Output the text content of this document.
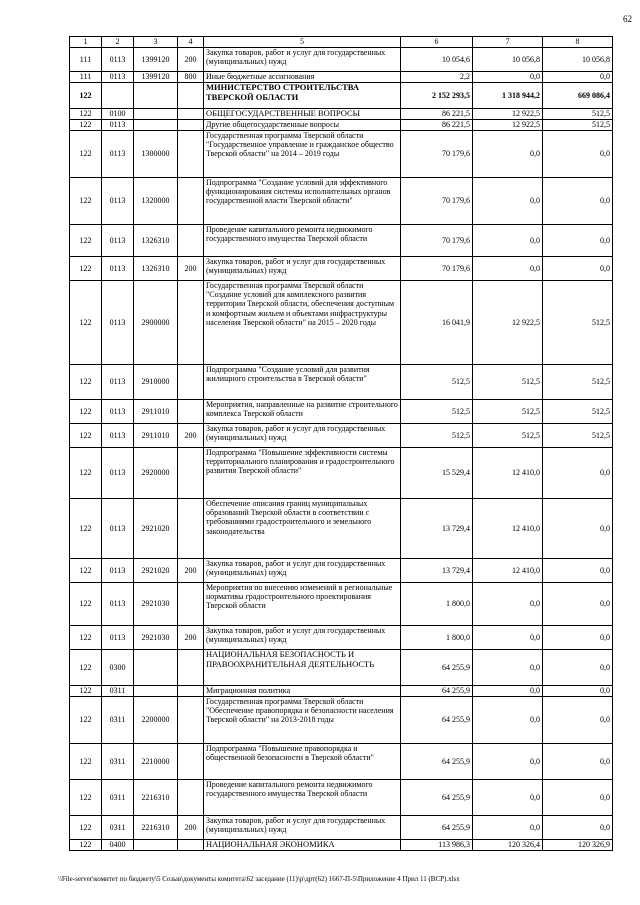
62
1	2	3	4	5	6	7	8
111	0113	1399120	200	Закупка товаров, работ и услуг для государственных (муниципальных) нужд	10 054,6	10 056,8	10 056,8
111	0113	1399120	800	Иные бюджетные ассигнования	2,2	0,0	0,0
122				МИНИСТЕРСТВО СТРОИТЕЛЬСТВА ТВЕРСКОЙ ОБЛАСТИ	2 152 293,5	1 318 944,2	669 086,4
122	0100			ОБЩЕГОСУДАРСТВЕННЫЕ ВОПРОСЫ	86 221,5	12 922,5	512,5
122	0113			Другие общегосударственные вопросы	86 221,5	12 922,5	512,5
122	0113	1300000		Государственная программа Тверской области "Государственное управление и гражданское общество Тверской области" на 2014 – 2019 годы	70 179,6	0,0	0,0
122	0113	1320000		Подпрограмма "Создание условий для эффективного функционирования системы исполнительных органов государственной власти Тверской области"	70 179,6	0,0	0,0
122	0113	1326310		Проведение капитального ремонта недвижимого государственного имущества Тверской области	70 179,6	0,0	0,0
122	0113	1326310	200	Закупка товаров, работ и услуг для государственных (муниципальных) нужд	70 179,6	0,0	0,0
122	0113	2900000		Государственная программа Тверской области "Создание условий для комплексного развития территории Тверской области, обеспечения доступным и комфортным жильем и объектами инфраструктуры населения Тверской области" на 2015 – 2020 годы	16 041,9	12 922,5	512,5
122	0113	2910000		Подпрограмма "Создание условий для развития жилищного строительства в Тверской области"	512,5	512,5	512,5
122	0113	2911010		Мероприятия, направленные на развитие строительного комплекса Тверской области	512,5	512,5	512,5
122	0113	2911010	200	Закупка товаров, работ и услуг для государственных (муниципальных) нужд	512,5	512,5	512,5
122	0113	2920000		Подпрограмма "Повышение эффективности системы территориального планирования и градостроительного развития Тверской области"	15 529,4	12 410,0	0,0
122	0113	2921020		Обеспечение описания границ муниципальных образований Тверской области в соответствии с требованиями градостроительного и земельного законодательства	13 729,4	12 410,0	0,0
122	0113	2921020	200	Закупка товаров, работ и услуг для государственных (муниципальных) нужд	13 729,4	12 410,0	0,0
122	0113	2921030		Мероприятия по внесению изменений в региональные нормативы градостроительного проектирования Тверской области	1 800,0	0,0	0,0
122	0113	2921030	200	Закупка товаров, работ и услуг для государственных (муниципальных) нужд	1 800,0	0,0	0,0
122	0300			НАЦИОНАЛЬНАЯ БЕЗОПАСНОСТЬ И ПРАВООХРАНИТЕЛЬНАЯ ДЕЯТЕЛЬНОСТЬ	64 255,9	0,0	0,0
122	0311			Миграционная политика	64 255,9	0,0	0,0
122	0311	2200000		Государственная программа Тверской области "Обеспечение правопорядка и безопасности населения Тверской области" на 2013-2018 годы	64 255,9	0,0	0,0
122	0311	2210000		Подпрограмма "Повышение правопорядка и общественной безопасности в Тверской области"	64 255,9	0,0	0,0
122	0311	2216310		Проведение капитального ремонта недвижимого государственного имущества Тверской области	64 255,9	0,0	0,0
122	0311	2216310	200	Закупка товаров, работ и услуг для государственных (муниципальных) нужд	64 255,9	0,0	0,0
122	0400			НАЦИОНАЛЬНАЯ ЭКОНОМИКА	113 986,3	120 326,4	120 326,9
\\File-server\комитет по бюджету\5 Созыв\документы комитета\62 заседание (11)\р\дрт(62) 1667-П-5\Приложение 4 Прил 11 (ВСР).xlsx
